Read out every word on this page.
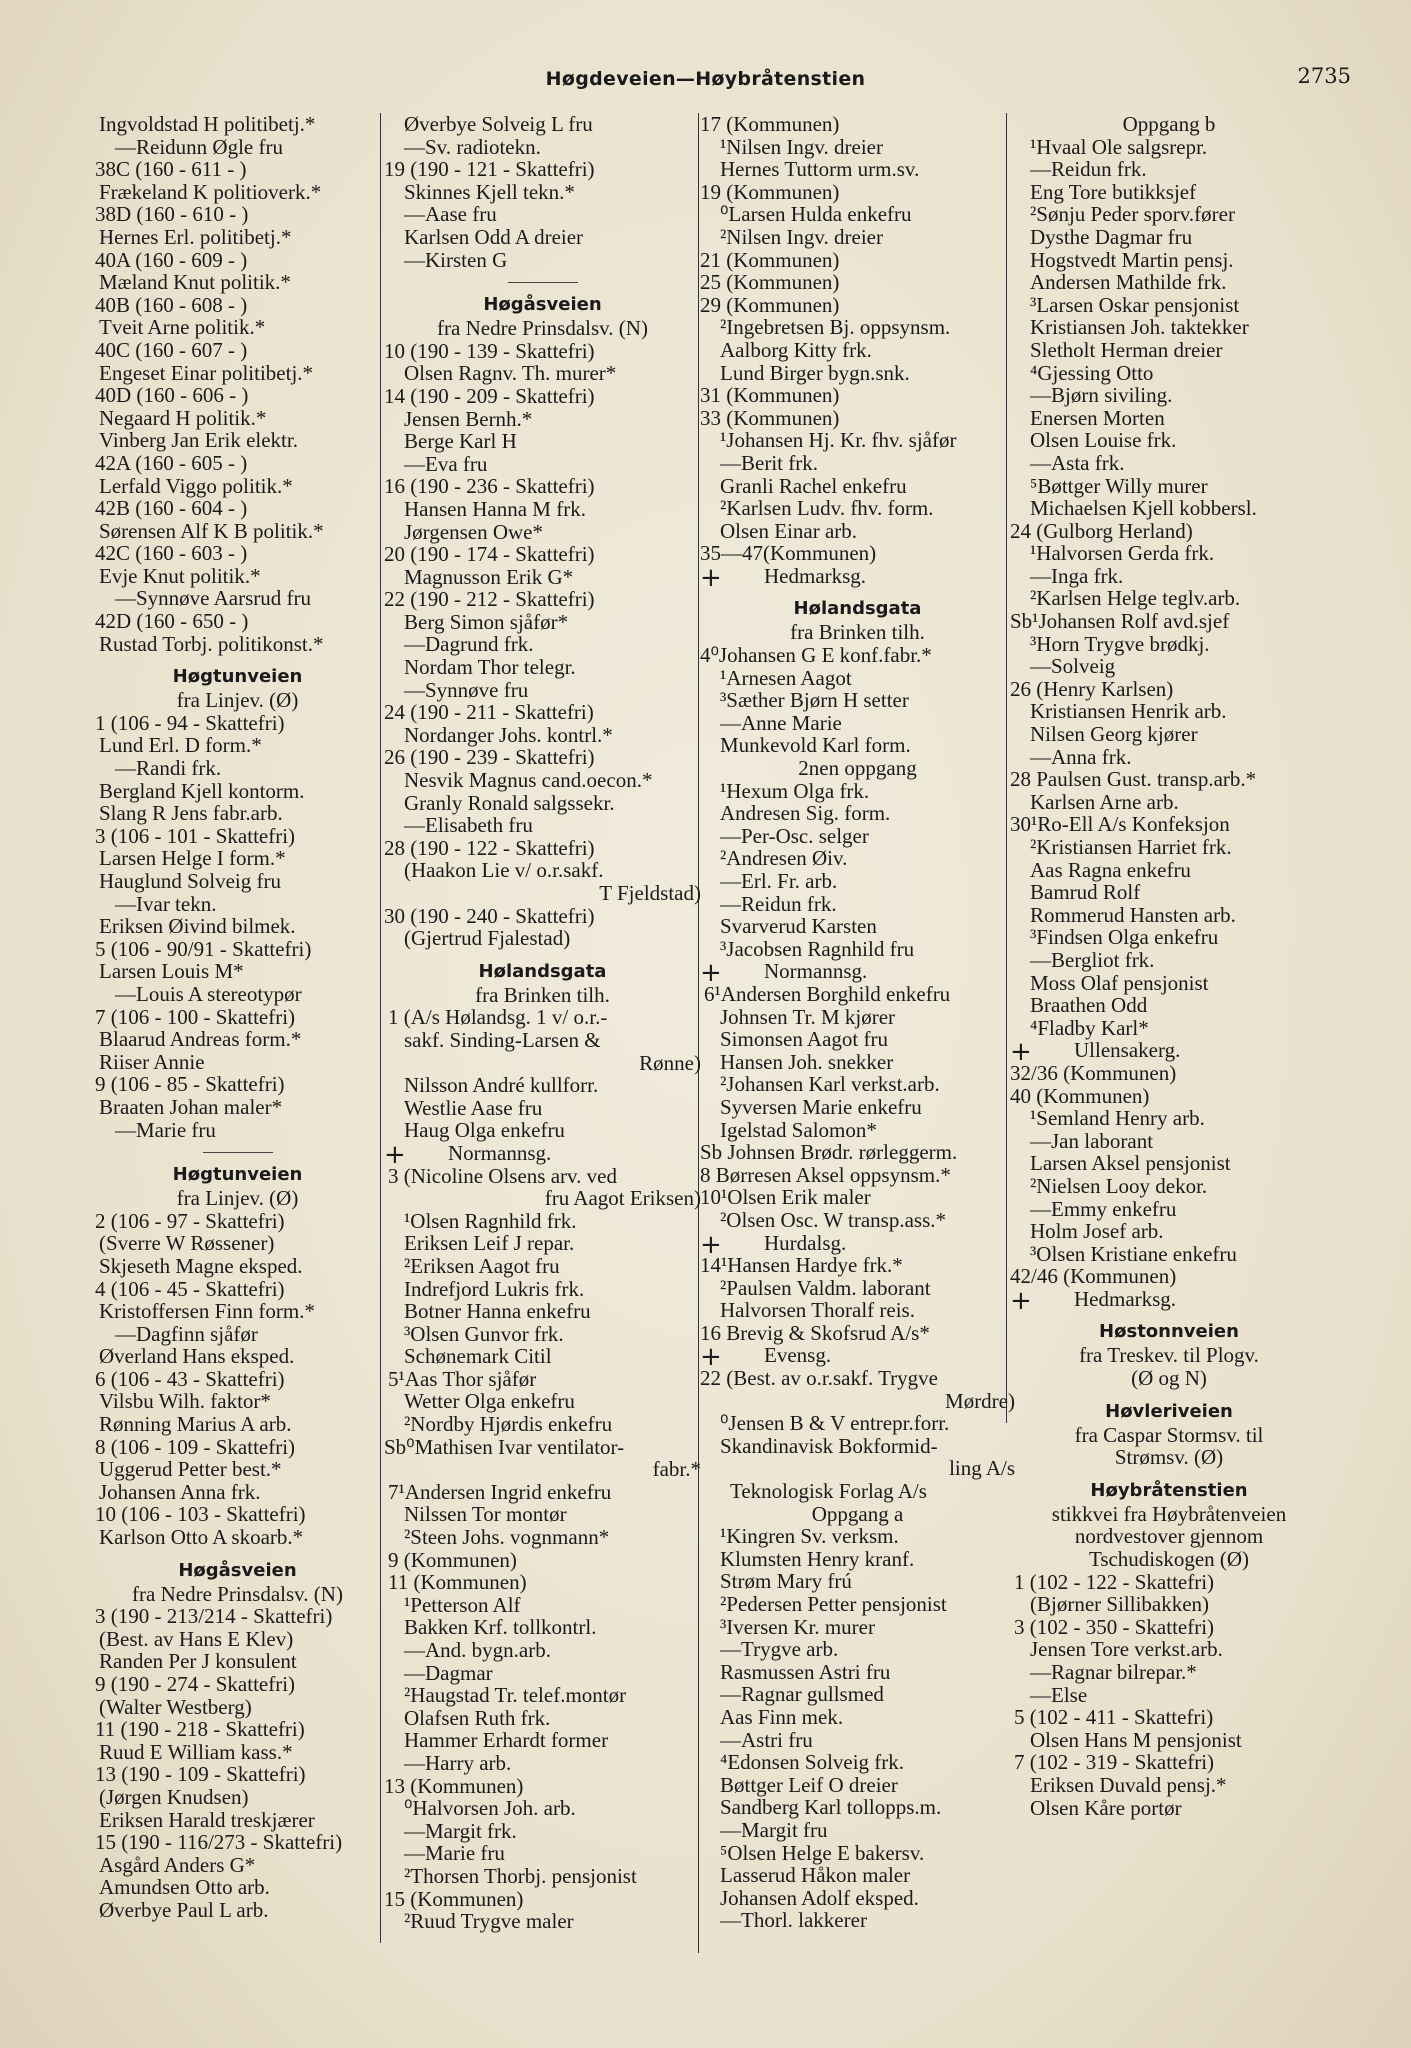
Høgdeveien—Høybråtenstien	2735
Ingvoldstad H politibetj.*
—Reidunn Øgle fru
38C (160 - 611 - )
Frækeland K politioverk.*
38D (160 - 610 - )
Hernes Erl. politibetj.*
40A (160 - 609 - )
Mæland Knut politik.*
40B (160 - 608 - )
Tveit Arne politik.*
40C (160 - 607 - )
Engeset Einar politibetj.*
40D (160 - 606 - )
Negaard H politik.*
Vinberg Jan Erik elektr.
42A (160 - 605 - )
Lerfald Viggo politik.*
42B (160 - 604 - )
Sørensen Alf K B politik.*
42C (160 - 603 - )
Evje Knut politik.*
—Synnøve Aarsrud fru
42D (160 - 650 - )
Rustad Torbj. politikonst.*
Høgtunveien
fra Linjev. (Ø)
1 (106 - 94 - Skattefri)
Lund Erl. D form.*
—Randi frk.
Bergland Kjell kontorm.
Slang R Jens fabr.arb.
3 (106 - 101 - Skattefri)
Larsen Helge I form.*
Hauglund Solveig fru
—Ivar tekn.
Eriksen Øivind bilmek.
5 (106 - 90/91 - Skattefri)
Larsen Louis M*
—Louis A stereotypør
7 (106 - 100 - Skattefri)
Blaarud Andreas form.*
Riiser Annie
9 (106 - 85 - Skattefri)
Braaten Johan maler*
—Marie fru
Høgtunveien
fra Linjev. (Ø)
2 (106 - 97 - Skattefri)
(Sverre W Røssener)
Skjeseth Magne eksped.
4 (106 - 45 - Skattefri)
Kristoffersen Finn form.*
—Dagfinn sjåfør
Øverland Hans eksped.
6 (106 - 43 - Skattefri)
Vilsbu Wilh. faktor*
Rønning Marius A arb.
8 (106 - 109 - Skattefri)
Uggerud Petter best.*
Johansen Anna frk.
10 (106 - 103 - Skattefri)
Karlson Otto A skoarb.*
Høgåsveien
fra Nedre Prinsdalsv. (N)
3 (190 - 213/214 - Skattefri)
(Best. av Hans E Klev)
Randen Per J konsulent
9 (190 - 274 - Skattefri)
(Walter Westberg)
11 (190 - 218 - Skattefri)
Ruud E William kass.*
13 (190 - 109 - Skattefri)
(Jørgen Knudsen)
Eriksen Harald treskjærer
15 (190 - 116/273 - Skattefri)
Asgård Anders G*
Amundsen Otto arb.
Øverbye Paul L arb.
Øverbye Solveig L fru
—Sv. radiotekn.
19 (190 - 121 - Skattefri)
Skinnes Kjell tekn.*
—Aase fru
Karlsen Odd A dreier
—Kirsten G
Høgåsveien
fra Nedre Prinsdalsv. (N)
10 (190 - 139 - Skattefri)
Olsen Ragnv. Th. murer*
14 (190 - 209 - Skattefri)
Jensen Bernh.*
Berge Karl H
—Eva fru
16 (190 - 236 - Skattefri)
Hansen Hanna M frk.
Jørgensen Owe*
20 (190 - 174 - Skattefri)
Magnusson Erik G*
22 (190 - 212 - Skattefri)
Berg Simon sjåfør*
—Dagrund frk.
Nordam Thor telegr.
—Synnøve fru
24 (190 - 211 - Skattefri)
Nordanger Johs. kontrl.*
26 (190 - 239 - Skattefri)
Nesvik Magnus cand.oecon.*
Granly Ronald salgssekr.
—Elisabeth fru
28 (190 - 122 - Skattefri)
(Haakon Lie v/ o.r.sakf.
T Fjeldstad)
30 (190 - 240 - Skattefri)
(Gjertrud Fjalestad)
Hølandsgata
fra Brinken tilh.
1 (A/s Hølandsg. 1 v/ o.r.-
sakf. Sinding-Larsen &
Rønne)
Nilsson André kullforr.
Westlie Aase fru
Haug Olga enkefru
+ Normannsg.
3 (Nicoline Olsens arv. ved
fru Aagot Eriksen)
¹Olsen Ragnhild frk.
Eriksen Leif J repar.
²Eriksen Aagot fru
Indrefjord Lukris frk.
Botner Hanna enkefru
³Olsen Gunvor frk.
Schønemark Citil
5¹Aas Thor sjåfør
Wetter Olga enkefru
²Nordby Hjørdis enkefru
Sb⁰Mathisen Ivar ventilator-
fabr.*
7¹Andersen Ingrid enkefru
Nilssen Tor montør
²Steen Johs. vognmann*
9 (Kommunen)
11 (Kommunen)
¹Petterson Alf
Bakken Krf. tollkontrl.
—And. bygn.arb.
—Dagmar
²Haugstad Tr. telef.montør
Olafsen Ruth frk.
Hammer Erhardt former
—Harry arb.
13 (Kommunen)
⁰Halvorsen Joh. arb.
—Margit frk.
—Marie fru
²Thorsen Thorbj. pensjonist
15 (Kommunen)
²Ruud Trygve maler
17 (Kommunen)
¹Nilsen Ingv. dreier
Hernes Tuttorm urm.sv.
19 (Kommunen)
⁰Larsen Hulda enkefru
²Nilsen Ingv. dreier
21 (Kommunen)
25 (Kommunen)
29 (Kommunen)
²Ingebretsen Bj. oppsynsm.
Aalborg Kitty frk.
Lund Birger bygn.snk.
31 (Kommunen)
33 (Kommunen)
¹Johansen Hj. Kr. fhv. sjåfør
—Berit frk.
Granli Rachel enkefru
²Karlsen Ludv. fhv. form.
Olsen Einar arb.
35—47(Kommunen)
+ Hedmarksg.
Hølandsgata
fra Brinken tilh.
4⁰Johansen G E konf.fabr.*
¹Arnesen Aagot
³Sæther Bjørn H setter
—Anne Marie
Munkevold Karl form.
2nen oppgang
¹Hexum Olga frk.
Andresen Sig. form.
—Per-Osc. selger
²Andresen Øiv.
—Erl. Fr. arb.
—Reidun frk.
Svarverud Karsten
³Jacobsen Ragnhild fru
+ Normannsg.
6¹Andersen Borghild enkefru
Johnsen Tr. M kjører
Simonsen Aagot fru
Hansen Joh. snekker
²Johansen Karl verkst.arb.
Syversen Marie enkefru
Igelstad Salomon*
Sb Johnsen Brødr. rørleggerm.
8 Børresen Aksel oppsynsm.*
10¹Olsen Erik maler
²Olsen Osc. W transp.ass.*
+ Hurdalsg.
14¹Hansen Hardye frk.*
²Paulsen Valdm. laborant
Halvorsen Thoralf reis.
16 Brevig & Skofsrud A/s*
+ Evensg.
22 (Best. av o.r.sakf. Trygve
Mørdre)
⁰Jensen B & V entrepr.forr.
Skandinavisk Bokformid-
ling A/s
Teknologisk Forlag A/s
Oppgang a
¹Kingren Sv. verksm.
Klumsten Henry kranf.
Strøm Mary frú
²Pedersen Petter pensjonist
³Iversen Kr. murer
—Trygve arb.
Rasmussen Astri fru
—Ragnar gullsmed
Aas Finn mek.
—Astri fru
⁴Edonsen Solveig frk.
Bøttger Leif O dreier
Sandberg Karl tollopps.m.
—Margit fru
⁵Olsen Helge E bakersv.
Lasserud Håkon maler
Johansen Adolf eksped.
—Thorl. lakkerer
Oppgang b
¹Hvaal Ole salgsrepr.
—Reidun frk.
Eng Tore butikksjef
²Sønju Peder sporv.fører
Dysthe Dagmar fru
Hogstvedt Martin pensj.
Andersen Mathilde frk.
³Larsen Oskar pensjonist
Kristiansen Joh. taktekker
Sletholt Herman dreier
⁴Gjessing Otto
—Bjørn siviling.
Enersen Morten
Olsen Louise frk.
—Asta frk.
⁵Bøttger Willy murer
Michaelsen Kjell kobbersl.
24 (Gulborg Herland)
¹Halvorsen Gerda frk.
—Inga frk.
²Karlsen Helge teglv.arb.
Sb¹Johansen Rolf avd.sjef
³Horn Trygve brødkj.
—Solveig
26 (Henry Karlsen)
Kristiansen Henrik arb.
Nilsen Georg kjører
—Anna frk.
28 Paulsen Gust. transp.arb.*
Karlsen Arne arb.
30¹Ro-Ell A/s Konfeksjon
²Kristiansen Harriet frk.
Aas Ragna enkefru
Bamrud Rolf
Rommerud Hansten arb.
³Findsen Olga enkefru
—Bergliot frk.
Moss Olaf pensjonist
Braathen Odd
⁴Fladby Karl*
+ Ullensakerg.
32/36 (Kommunen)
40 (Kommunen)
¹Semland Henry arb.
—Jan laborant
Larsen Aksel pensjonist
²Nielsen Looy dekor.
—Emmy enkefru
Holm Josef arb.
³Olsen Kristiane enkefru
42/46 (Kommunen)
+ Hedmarksg.
Høstonnveien
fra Treskev. til Plogv.
(Ø og N)
Høvleriveien
fra Caspar Stormsv. til
Strømsv. (Ø)
Høybråtenstien
stikkvei fra Høybråtenveien
nordvestover gjennom
Tschudiskogen (Ø)
1 (102 - 122 - Skattefri)
(Bjørner Sillibakken)
3 (102 - 350 - Skattefri)
Jensen Tore verkst.arb.
—Ragnar bilrepar.*
—Else
5 (102 - 411 - Skattefri)
Olsen Hans M pensjonist
7 (102 - 319 - Skattefri)
Eriksen Duvald pensj.*
Olsen Kåre portør
